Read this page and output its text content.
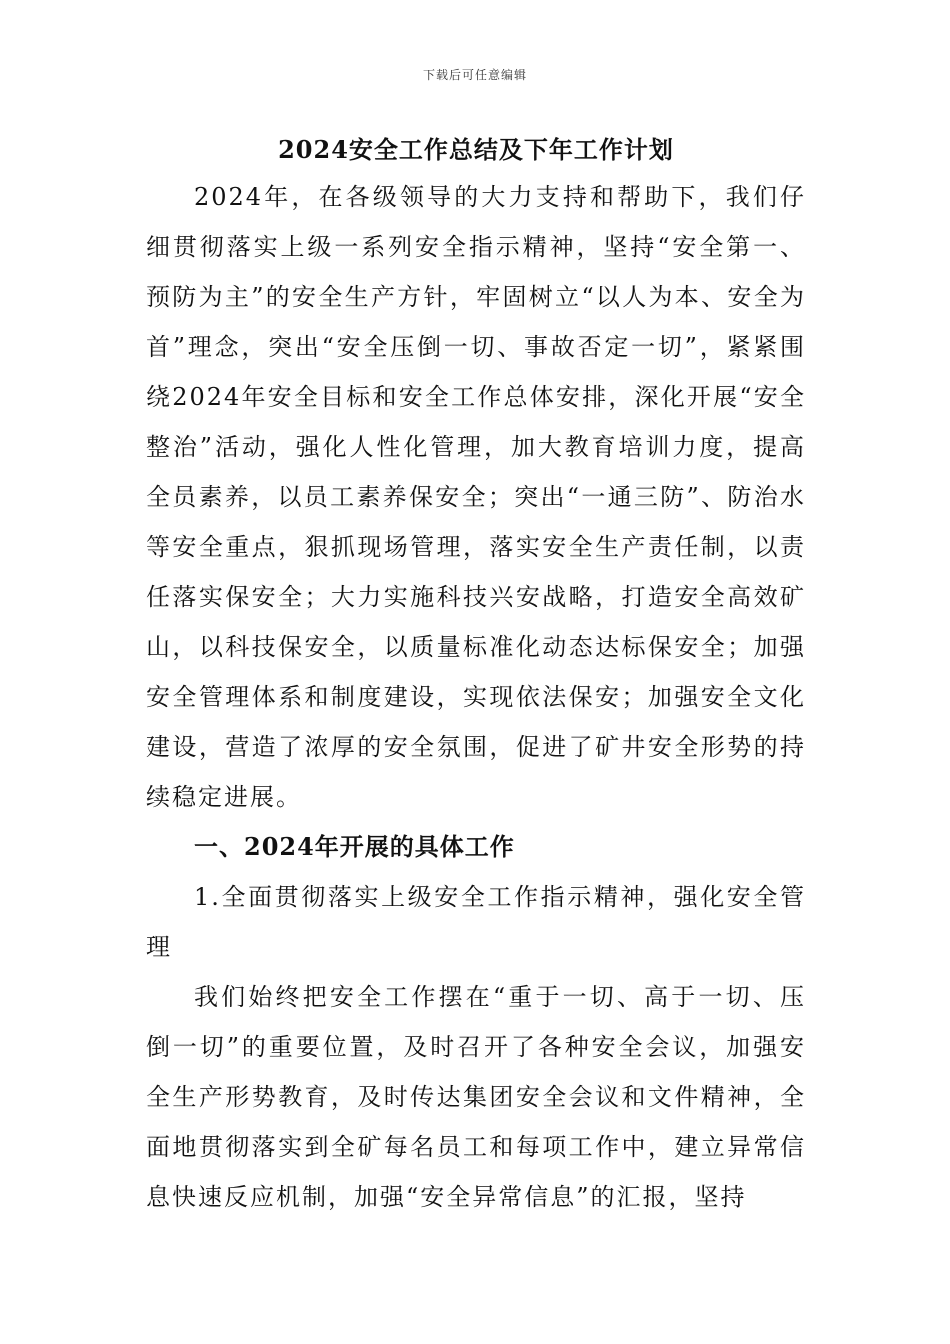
下载后可任意编辑
2024安全工作总结及下年工作计划

2024年，在各级领导的大力支持和帮助下，我们仔细贯彻落实上级一系列安全指示精神，坚持“安全第一、预防为主”的安全生产方针，牢固树立“以人为本、安全为首”理念，突出“安全压倒一切、事故否定一切”，紧紧围绕2024年安全目标和安全工作总体安排，深化开展“安全整治”活动，强化人性化管理，加大教育培训力度，提高全员素养，以员工素养保安全；突出“一通三防”、防治水等安全重点，狠抓现场管理，落实安全生产责任制，以责任落实保安全；大力实施科技兴安战略，打造安全高效矿山，以科技保安全，以质量标准化动态达标保安全；加强安全管理体系和制度建设，实现依法保安；加强安全文化建设，营造了浓厚的安全氛围，促进了矿井安全形势的持续稳定进展。

一、2024年开展的具体工作

1.全面贯彻落实上级安全工作指示精神，强化安全管理

我们始终把安全工作摆在“重于一切、高于一切、压倒一切”的重要位置，及时召开了各种安全会议，加强安全生产形势教育，及时传达集团安全会议和文件精神，全面地贯彻落实到全矿每名员工和每项工作中，建立异常信息快速反应机制，加强“安全异常信息”的汇报，坚持
